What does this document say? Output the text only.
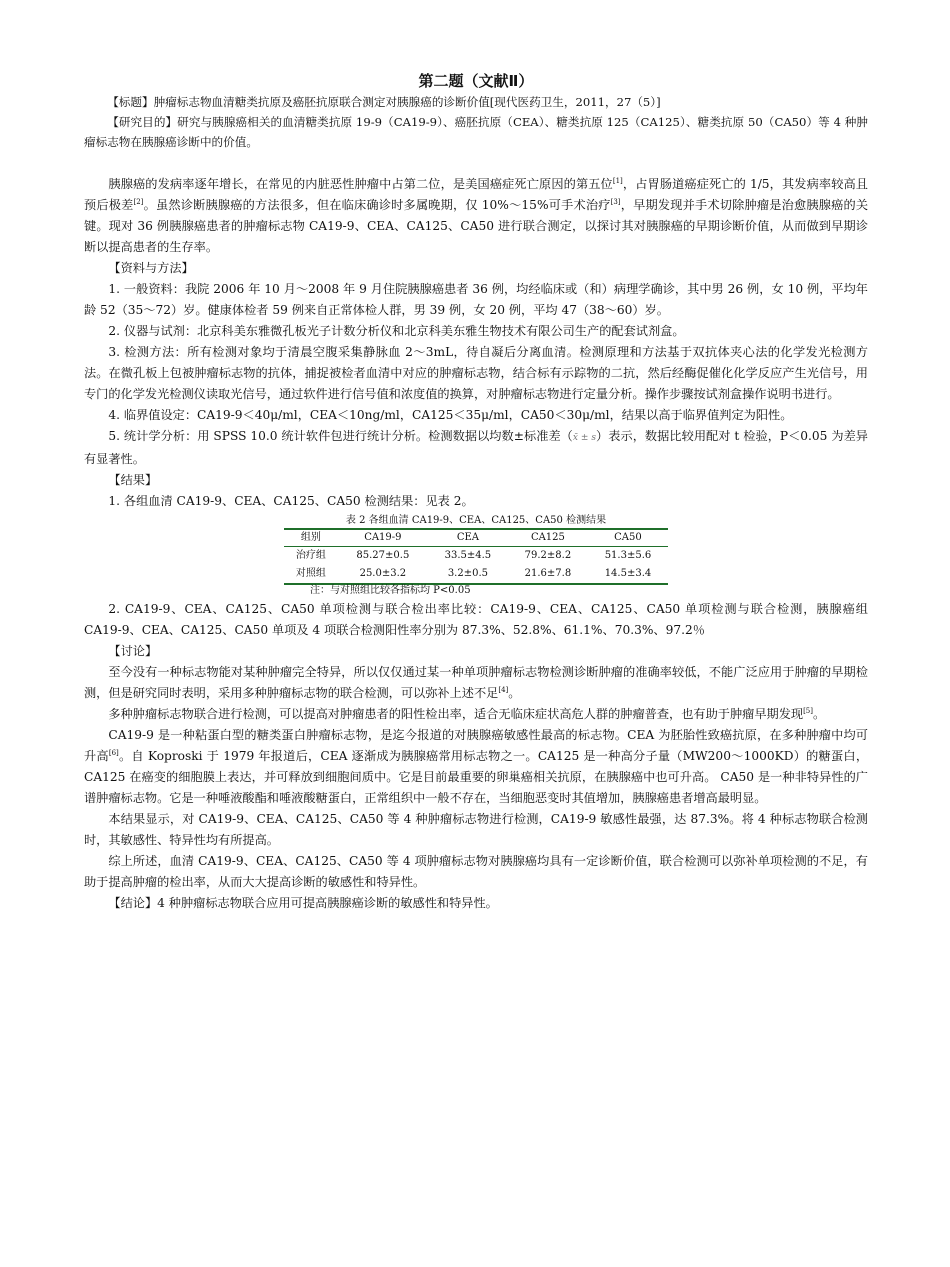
第二题（文献Ⅱ）

【标题】肿瘤标志物血清糖类抗原及癌胚抗原联合测定对胰腺癌的诊断价值[现代医药卫生，2011，27（5）]

【研究目的】研究与胰腺癌相关的血清糖类抗原 19-9（CA19-9）、癌胚抗原（CEA）、糖类抗原 125（CA125）、糖类抗原 50（CA50）等 4 种肿瘤标志物在胰腺癌诊断中的价值。

胰腺癌的发病率逐年增长，在常见的内脏恶性肿瘤中占第二位，是美国癌症死亡原因的第五位[1]，占胃肠道癌症死亡的 1/5，其发病率较高且预后极差[2]。虽然诊断胰腺癌的方法很多，但在临床确诊时多属晚期，仅 10%～15%可手术治疗[3]，早期发现并手术切除肿瘤是治愈胰腺癌的关键。现对 36 例胰腺癌患者的肿瘤标志物 CA19-9、CEA、CA125、CA50 进行联合测定，以探讨其对胰腺癌的早期诊断价值，从而做到早期诊断以提高患者的生存率。

【资料与方法】

1. 一般资料：我院 2006 年 10 月～2008 年 9 月住院胰腺癌患者 36 例，均经临床或（和）病理学确诊，其中男 26 例，女 10 例，平均年龄 52（35～72）岁。健康体检者 59 例来自正常体检人群，男 39 例，女 20 例，平均 47（38～60）岁。

2. 仪器与试剂：北京科美东雅微孔板光子计数分析仪和北京科美东雅生物技术有限公司生产的配套试剂盒。

3. 检测方法：所有检测对象均于清晨空腹采集静脉血 2～3mL，待自凝后分离血清。检测原理和方法基于双抗体夹心法的化学发光检测方法。在微孔板上包被肿瘤标志物的抗体，捕捉被检者血清中对应的肿瘤标志物，结合标有示踪物的二抗，然后经酶促催化化学反应产生光信号，用专门的化学发光检测仪读取光信号，通过软件进行信号值和浓度值的换算，对肿瘤标志物进行定量分析。操作步骤按试剂盒操作说明书进行。

4. 临界值设定：CA19-9＜40μ/ml，CEA＜10ng/ml，CA125＜35μ/ml，CA50＜30μ/ml，结果以高于临界值判定为阳性。

5. 统计学分析：用 SPSS 10.0 统计软件包进行统计分析。检测数据以均数±标准差（x̄ ± s）表示，数据比较用配对 t 检验，P＜0.05 为差异有显著性。

【结果】

1. 各组血清 CA19-9、CEA、CA125、CA50 检测结果：见表 2。

表 2 各组血清 CA19-9、CEA、CA125、CA50 检测结果
组别	CA19-9	CEA	CA125	CA50
治疗组	85.27±0.5	33.5±4.5	79.2±8.2	51.3±5.6
对照组	25.0±3.2	3.2±0.5	21.6±7.8	14.5±3.4
注：与对照组比较各指标均 P<0.05

2. CA19-9、CEA、CA125、CA50 单项检测与联合检出率比较：CA19-9、CEA、CA125、CA50 单项检测与联合检测，胰腺癌组 CA19-9、CEA、CA125、CA50 单项及 4 项联合检测阳性率分别为 87.3%、52.8%、61.1%、70.3%、97.2％

【讨论】

至今没有一种标志物能对某种肿瘤完全特异，所以仅仅通过某一种单项肿瘤标志物检测诊断肿瘤的准确率较低，不能广泛应用于肿瘤的早期检测，但是研究同时表明，采用多种肿瘤标志物的联合检测，可以弥补上述不足[4]。

多种肿瘤标志物联合进行检测，可以提高对肿瘤患者的阳性检出率，适合无临床症状高危人群的肿瘤普查，也有助于肿瘤早期发现[5]。

CA19-9 是一种粘蛋白型的糖类蛋白肿瘤标志物，是迄今报道的对胰腺癌敏感性最高的标志物。CEA 为胚胎性致癌抗原，在多种肿瘤中均可升高[6]。自 Koproski 于 1979 年报道后，CEA 逐渐成为胰腺癌常用标志物之一。CA125 是一种高分子量（MW200～1000KD）的糖蛋白，CA125 在癌变的细胞膜上表达，并可释放到细胞间质中。它是目前最重要的卵巢癌相关抗原，在胰腺癌中也可升高。 CA50 是一种非特异性的广谱肿瘤标志物。它是一种唾液酸酯和唾液酸糖蛋白，正常组织中一般不存在，当细胞恶变时其值增加，胰腺癌患者增高最明显。

本结果显示，对 CA19-9、CEA、CA125、CA50 等 4 种肿瘤标志物进行检测，CA19-9 敏感性最强，达 87.3%。将 4 种标志物联合检测时，其敏感性、特异性均有所提高。

综上所述，血清 CA19-9、CEA、CA125、CA50 等 4 项肿瘤标志物对胰腺癌均具有一定诊断价值，联合检测可以弥补单项检测的不足，有助于提高肿瘤的检出率，从而大大提高诊断的敏感性和特异性。

【结论】4 种肿瘤标志物联合应用可提高胰腺癌诊断的敏感性和特异性。
